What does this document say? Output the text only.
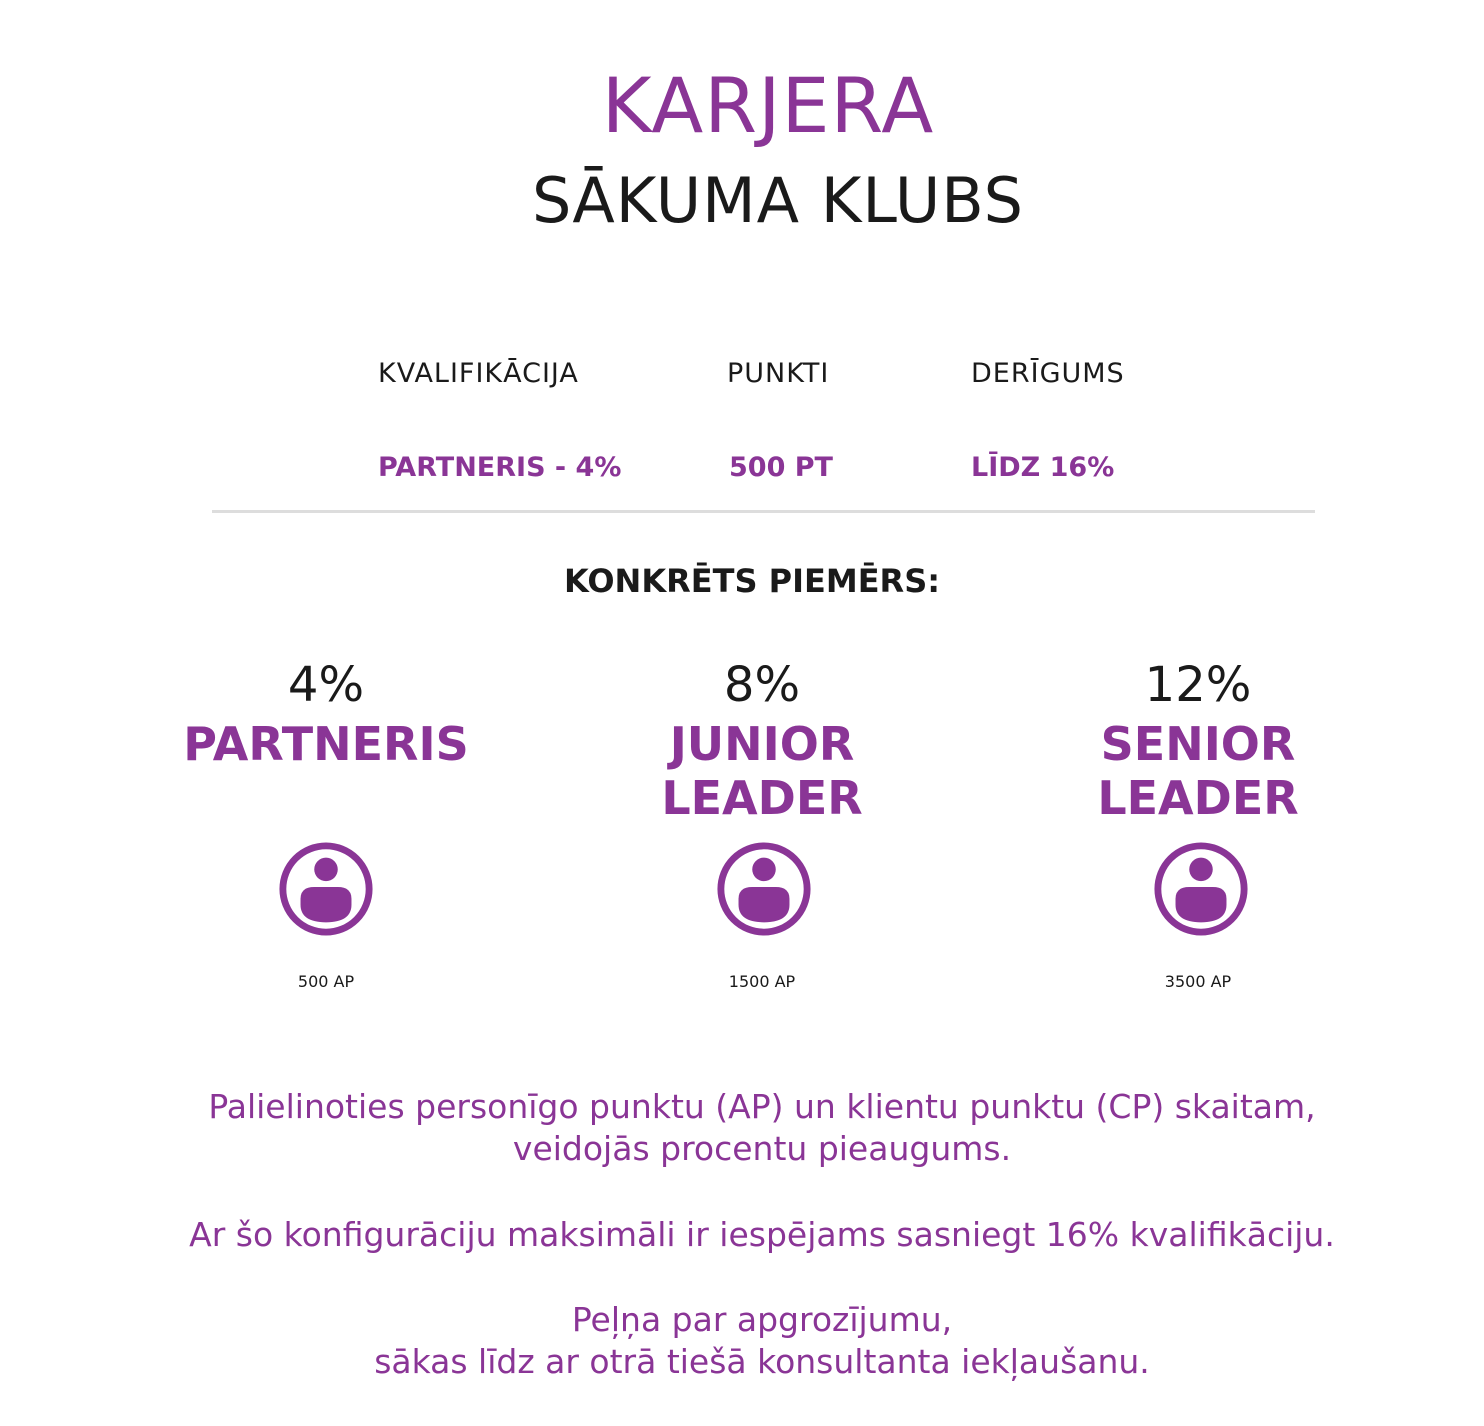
KARJERA
SĀKUMA KLUBS
KVALIFIKĀCIJA	PUNKTI	DERĪGUMS
PARTNERIS - 4%	500 PT	LĪDZ 16%
KONKRĒTS PIEMĒRS:
4%
PARTNERIS
500 AP
8%
JUNIOR
LEADER
1500 AP
12%
SENIOR
LEADER
3500 AP
Palielinoties personīgo punktu (AP) un klientu punktu (CP) skaitam,
veidojās procentu pieaugums.
Ar šo konfigurāciju maksimāli ir iespējams sasniegt 16% kvalifikāciju.
Peļņa par apgrozījumu,
sākas līdz ar otrā tiešā konsultanta iekļaušanu.
